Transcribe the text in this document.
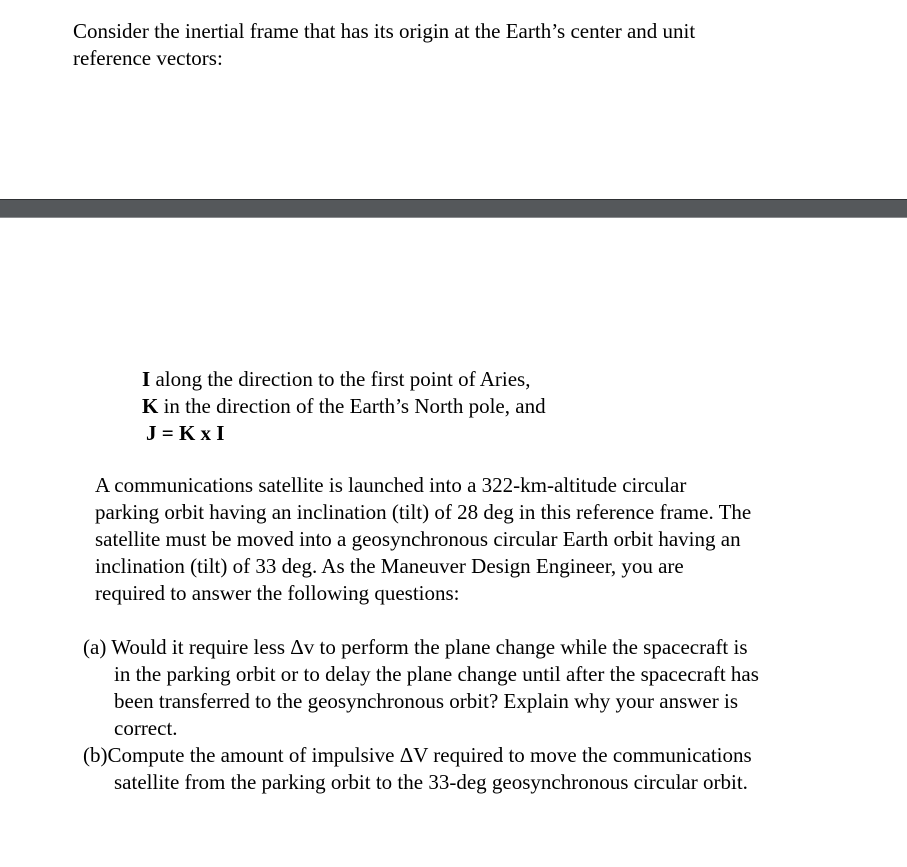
Consider the inertial frame that has its origin at the Earth’s center and unit
reference vectors:
I along the direction to the first point of Aries,
K in the direction of the Earth’s North pole, and
J = K x I
A communications satellite is launched into a 322-km-altitude circular
parking orbit having an inclination (tilt) of 28 deg in this reference frame. The
satellite must be moved into a geosynchronous circular Earth orbit having an
inclination (tilt) of 33 deg. As the Maneuver Design Engineer, you are
required to answer the following questions:
(a) Would it require less Δv to perform the plane change while the spacecraft is
in the parking orbit or to delay the plane change until after the spacecraft has
been transferred to the geosynchronous orbit? Explain why your answer is
correct.
(b)Compute the amount of impulsive ΔV required to move the communications
satellite from the parking orbit to the 33-deg geosynchronous circular orbit.
